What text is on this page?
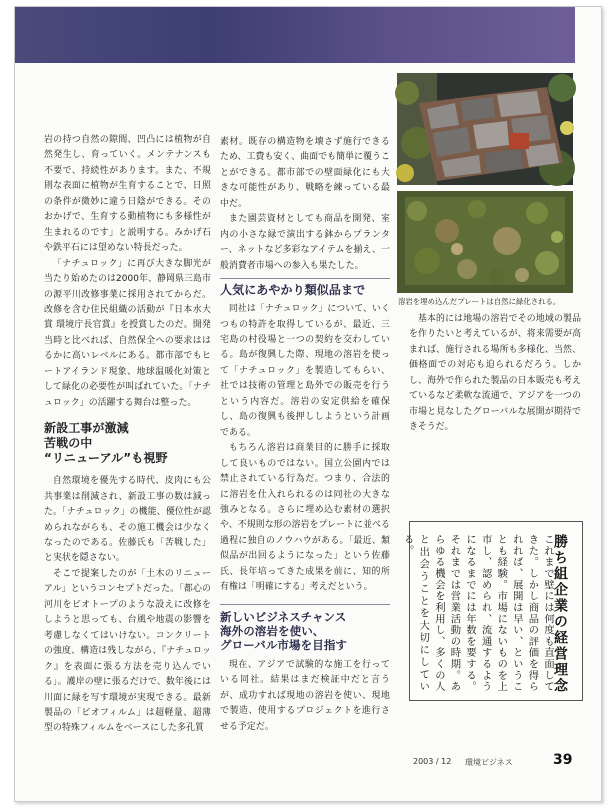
岩の持つ自然の隙間、凹凸には植物が自然発生し、育っていく。メンテナンスも不要で、持続性があります。また、不規則な表面に植物が生育することで、日照の条件が微妙に違う日陰ができる。そのおかげで、生育する動植物にも多様性が生まれるのです」と説明する。みかげ石や鉄平石には望めない特長だった。

「ナチュロック」に再び大きな脚光が当たり始めたのは2000年、静岡県三島市の源平川改修事業に採用されてからだ。改修を含む住民組織の活動が『日本水大賞 環境庁長官賞』を授賞したのだ。開発当時と比べれば、自然保全への要求ははるかに高いレベルにある。都市部でもヒートアイランド現象、地球温暖化対策として緑化の必要性が叫ばれていた。「ナチュロック」の活躍する舞台は整った。

新設工事が激減
苦戦の中
“リニューアル”も視野

自然環境を優先する時代、皮肉にも公共事業は削減され、新設工事の数は減った。「ナチュロック」の機能、優位性が認められながらも、その施工機会は少なくなったのである。佐藤氏も「苦戦した」と実状を隠さない。

そこで提案したのが「土木のリニューアル」というコンセプトだった。「都心の河川をビオトープのような設えに改修をしようと思っても、台風や地震の影響を考慮しなくてはいけない。コンクリートの強度、構造は残しながら、『ナチュロック』を表面に張る方法を売り込んでいる」。護岸の壁に張るだけで、数年後には川面に緑を写す環境が実現できる。最新製品の「ビオフィルム」は超軽量、超薄型の特殊フィルムをベースにした多孔質

素材。既存の構造物を壊さず施行できるため、工費も安く、曲面でも簡単に覆うことができる。都市部での壁面緑化にも大きな可能性があり、戦略を練っている最中だ。

また園芸資材としても商品を開発、室内の小さな緑で演出する鉢からプランター、ネットなど多彩なアイテムを揃え、一般消費者市場への参入も果たした。

人気にあやかり類似品まで

同社は「ナチュロック」について、いくつもの特許を取得しているが、最近、三宅島の村役場と一つの契約を交わしている。島が復興した際、現地の溶岩を使って「ナチュロック」を製造してもらい、社では技術の管理と島外での販売を行うという内容だ。溶岩の安定供給を確保し、島の復興も後押ししようという計画である。

もちろん溶岩は商業目的に勝手に採取して良いものではない。国立公園内では禁止されている行為だ。つまり、合法的に溶岩を仕入れられるのは同社の大きな強みとなる。さらに埋め込む素材の選択や、不規則な形の溶岩をプレートに並べる過程に独自のノウハウがある。「最近、類似品が出回るようになった」という佐藤氏、長年培ってきた成果を前に、知的所有権は「明確にする」考えだという。

新しいビジネスチャンス
海外の溶岩を使い、
グローバル市場を目指す

現在、アジアで試験的な施工を行っている同社。結果はまだ検証中だと言うが、成功すれば現地の溶岩を使い、現地で製造、使用するプロジェクトを進行させる予定だ。

溶岩を埋め込んだプレートは自然に緑化される。

基本的には地場の溶岩でその地域の製品を作りたいと考えているが、将来需要が高まれば、施行される場所も多様化、当然、価格面での対応も迫られるだろう。しかし、海外で作られた製品の日本販売も考えているなど柔軟な流通で、アジアを一つの市場と見なしたグローバルな展開が期待できそうだ。

勝ち組企業の経営理念
これまで壁には何度も直面してきた。しかし商品の評価を得られれば、展開は早い、ということも経験。市場にないものを上市し、認められ、流通するようになるまでには年数を要する。それまでは営業活動の時期。あらゆる機会を利用し、多くの人と出会うことを大切にしている。
2003 / 12 環境ビジネス	39
